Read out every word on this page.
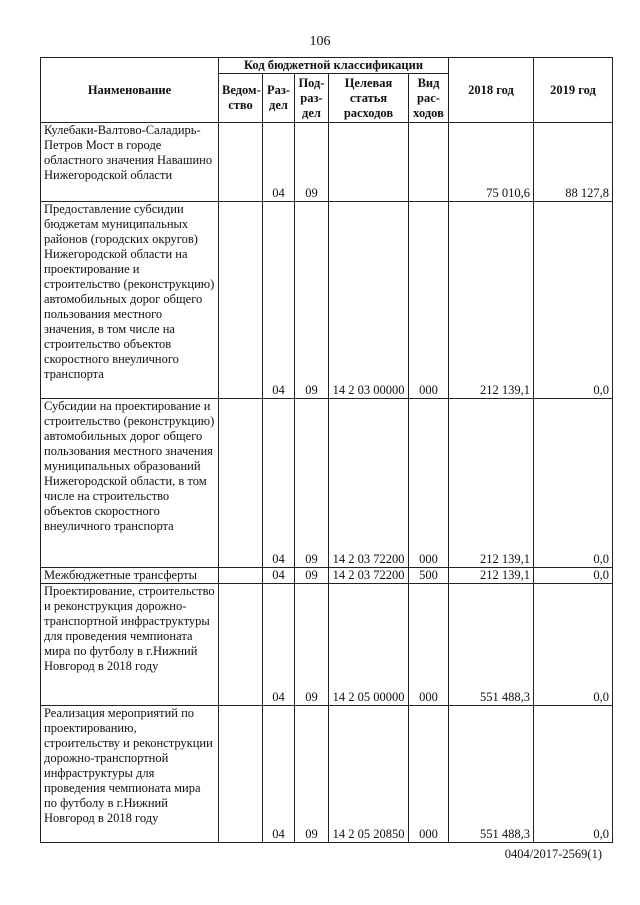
106
Наименование	Код бюджетной классификации					2018 год	2019 год
	Ведом-ство	Раз-дел	Под-раз-дел	Целевая статья расходов	Вид рас-ходов		
Кулебаки-Валтово-Саладирь-Петров Мост в городе областного значения Навашино Нижегородской области		04	09			75 010,6	88 127,8
Предоставление субсидии бюджетам муниципальных районов (городских округов) Нижегородской области на проектирование и строительство (реконструкцию) автомобильных дорог общего пользования местного значения, в том числе на строительство объектов скоростного внеуличного транспорта		04	09	14 2 03 00000	000	212 139,1	0,0
Субсидии на проектирование и строительство (реконструкцию) автомобильных дорог общего пользования местного значения муниципальных образований Нижегородской области, в том числе на строительство объектов скоростного внеуличного транспорта		04	09	14 2 03 72200	000	212 139,1	0,0
Межбюджетные трансферты		04	09	14 2 03 72200	500	212 139,1	0,0
Проектирование, строительство и реконструкция дорожно-транспортной инфраструктуры для проведения чемпионата мира по футболу в г.Нижний Новгород в 2018 году		04	09	14 2 05 00000	000	551 488,3	0,0
Реализация мероприятий по проектированию, строительству и реконструкции дорожно-транспортной инфраструктуры для проведения чемпионата мира по футболу в г.Нижний Новгород в 2018 году		04	09	14 2 05 20850	000	551 488,3	0,0
0404/2017-2569(1)
